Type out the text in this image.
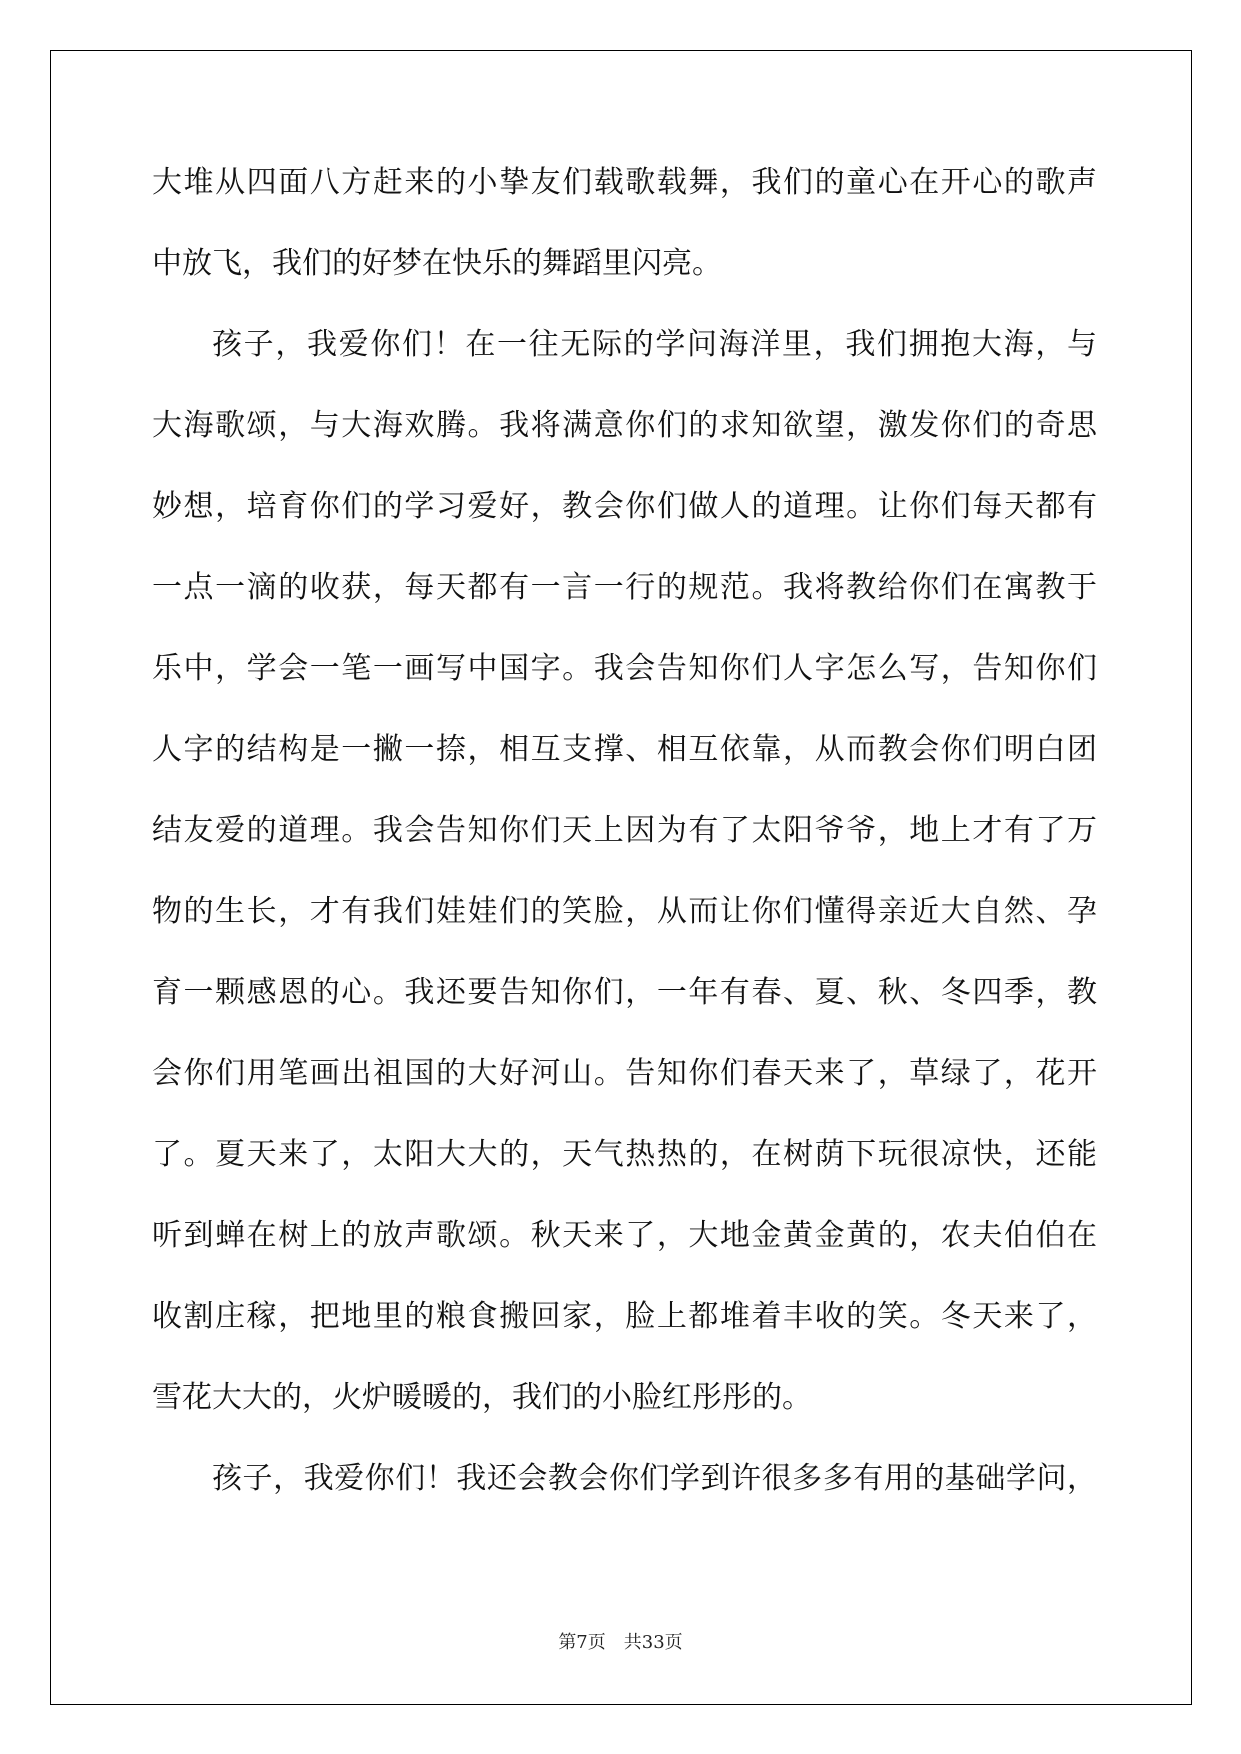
大堆从四面八方赶来的小挚友们载歌载舞，我们的童心在开心的歌声
中放飞，我们的好梦在快乐的舞蹈里闪亮。
孩子，我爱你们！在一往无际的学问海洋里，我们拥抱大海，与
大海歌颂，与大海欢腾。我将满意你们的求知欲望，激发你们的奇思
妙想，培育你们的学习爱好，教会你们做人的道理。让你们每天都有
一点一滴的收获，每天都有一言一行的规范。我将教给你们在寓教于
乐中，学会一笔一画写中国字。我会告知你们人字怎么写，告知你们
人字的结构是一撇一捺，相互支撑、相互依靠，从而教会你们明白团
结友爱的道理。我会告知你们天上因为有了太阳爷爷，地上才有了万
物的生长，才有我们娃娃们的笑脸，从而让你们懂得亲近大自然、孕
育一颗感恩的心。我还要告知你们，一年有春、夏、秋、冬四季，教
会你们用笔画出祖国的大好河山。告知你们春天来了，草绿了，花开
了。夏天来了，太阳大大的，天气热热的，在树荫下玩很凉快，还能
听到蝉在树上的放声歌颂。秋天来了，大地金黄金黄的，农夫伯伯在
收割庄稼，把地里的粮食搬回家，脸上都堆着丰收的笑。冬天来了，
雪花大大的，火炉暖暖的，我们的小脸红彤彤的。
孩子，我爱你们！我还会教会你们学到许很多多有用的基础学问，
第7页 共33页
